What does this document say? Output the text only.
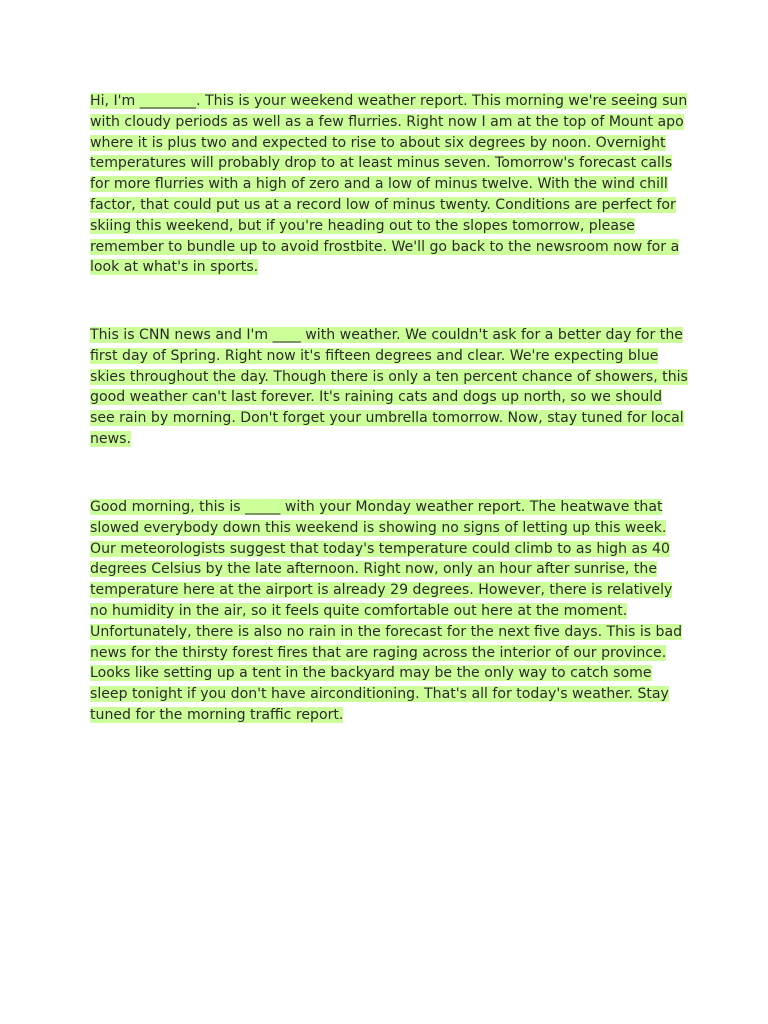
Hi, I'm ________. This is your weekend weather report. This morning we're seeing sun with cloudy periods as well as a few flurries. Right now I am at the top of Mount apo where it is plus two and expected to rise to about six degrees by noon. Overnight temperatures will probably drop to at least minus seven. Tomorrow's forecast calls for more flurries with a high of zero and a low of minus twelve. With the wind chill factor, that could put us at a record low of minus twenty. Conditions are perfect for skiing this weekend, but if you're heading out to the slopes tomorrow, please remember to bundle up to avoid frostbite. We'll go back to the newsroom now for a look at what's in sports.

This is CNN news and I'm ____ with weather. We couldn't ask for a better day for the first day of Spring. Right now it's fifteen degrees and clear. We're expecting blue skies throughout the day. Though there is only a ten percent chance of showers, this good weather can't last forever. It's raining cats and dogs up north, so we should see rain by morning. Don't forget your umbrella tomorrow. Now, stay tuned for local news.

Good morning, this is _____ with your Monday weather report. The heatwave that slowed everybody down this weekend is showing no signs of letting up this week. Our meteorologists suggest that today's temperature could climb to as high as 40 degrees Celsius by the late afternoon. Right now, only an hour after sunrise, the temperature here at the airport is already 29 degrees. However, there is relatively no humidity in the air, so it feels quite comfortable out here at the moment. Unfortunately, there is also no rain in the forecast for the next five days. This is bad news for the thirsty forest fires that are raging across the interior of our province. Looks like setting up a tent in the backyard may be the only way to catch some sleep tonight if you don't have airconditioning. That's all for today's weather. Stay tuned for the morning traffic report.
